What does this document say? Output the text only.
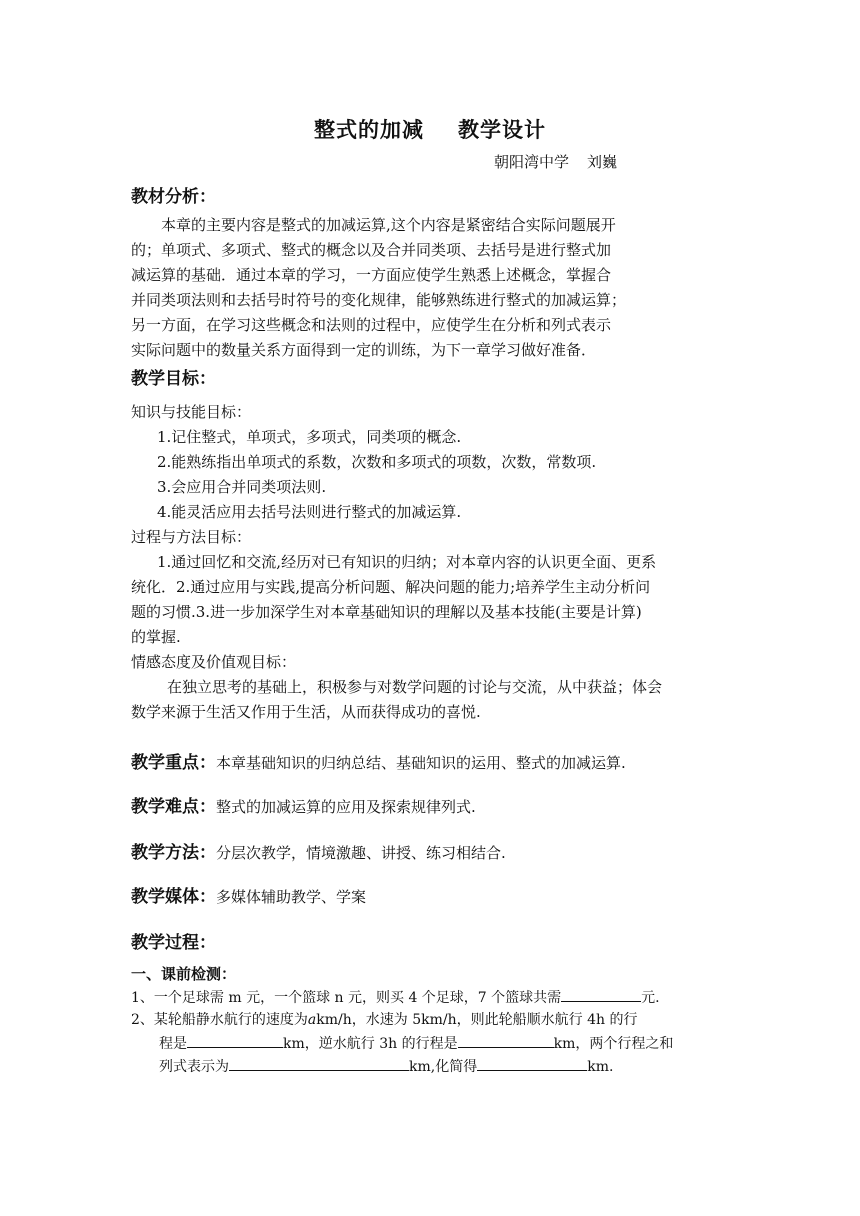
整式的加减 教学设计
朝阳湾中学 刘巍
教材分析：
本章的主要内容是整式的加减运算,这个内容是紧密结合实际问题展开
的；单项式、多项式、整式的概念以及合并同类项、去括号是进行整式加
减运算的基础．通过本章的学习，一方面应使学生熟悉上述概念，掌握合
并同类项法则和去括号时符号的变化规律，能够熟练进行整式的加减运算；
另一方面，在学习这些概念和法则的过程中，应使学生在分析和列式表示
实际问题中的数量关系方面得到一定的训练，为下一章学习做好准备．
教学目标：
知识与技能目标：
1.记住整式，单项式，多项式，同类项的概念.
2.能熟练指出单项式的系数，次数和多项式的项数，次数，常数项.
3.会应用合并同类项法则.
4.能灵活应用去括号法则进行整式的加减运算.
过程与方法目标：
1.通过回忆和交流,经历对已有知识的归纳；对本章内容的认识更全面、更系
统化．2.通过应用与实践,提高分析问题、解决问题的能力;培养学生主动分析问
题的习惯.3.进一步加深学生对本章基础知识的理解以及基本技能(主要是计算)
的掌握.
情感态度及价值观目标：
在独立思考的基础上，积极参与对数学问题的讨论与交流，从中获益；体会
数学来源于生活又作用于生活，从而获得成功的喜悦.
教学重点：本章基础知识的归纳总结、基础知识的运用、整式的加减运算.
教学难点：整式的加减运算的应用及探索规律列式.
教学方法：分层次教学，情境激趣、讲授、练习相结合.
教学媒体：多媒体辅助教学、学案
教学过程：
一、课前检测：
1、一个足球需 m 元，一个篮球 n 元，则买 4 个足球，7 个篮球共需	元.
2、某轮船静水航行的速度为akm/h，水速为 5km/h，则此轮船顺水航行 4h 的行
程是	km，逆水航行 3h 的行程是	km，两个行程之和
列式表示为	km,化简得	km.
